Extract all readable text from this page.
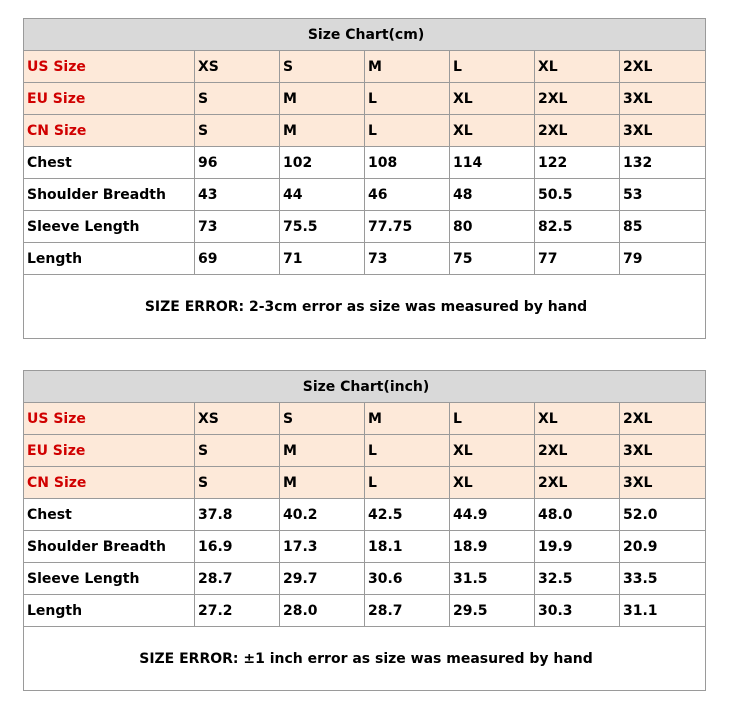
Size Chart(cm)						
US Size	XS	S	M	L	XL	2XL
EU Size	S	M	L	XL	2XL	3XL
CN Size	S	M	L	XL	2XL	3XL
Chest	96	102	108	114	122	132
Shoulder Breadth	43	44	46	48	50.5	53
Sleeve Length	73	75.5	77.75	80	82.5	85
Length	69	71	73	75	77	79
SIZE ERROR: 2-3cm error as size was measured by hand						
Size Chart(inch)						
US Size	XS	S	M	L	XL	2XL
EU Size	S	M	L	XL	2XL	3XL
CN Size	S	M	L	XL	2XL	3XL
Chest	37.8	40.2	42.5	44.9	48.0	52.0
Shoulder Breadth	16.9	17.3	18.1	18.9	19.9	20.9
Sleeve Length	28.7	29.7	30.6	31.5	32.5	33.5
Length	27.2	28.0	28.7	29.5	30.3	31.1
SIZE ERROR: ±1 inch error as size was measured by hand						
